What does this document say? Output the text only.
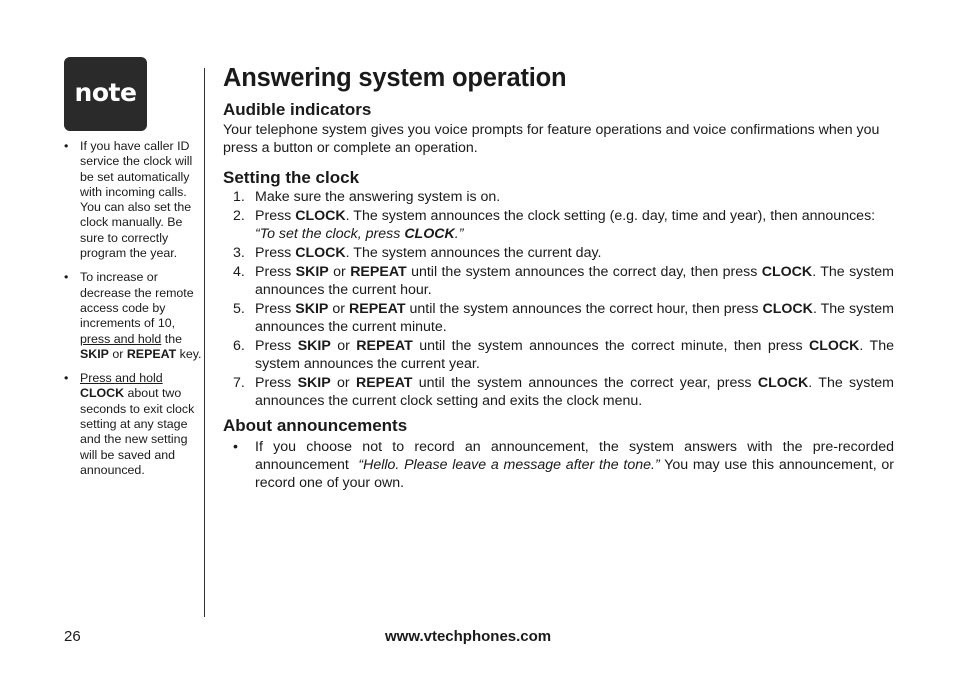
note
• If you have caller ID service the clock will be set automatically with incoming calls. You can also set the clock manually. Be sure to correctly program the year.
• To increase or decrease the remote access code by increments of 10, press and hold the SKIP or REPEAT key.
• Press and hold CLOCK about two seconds to exit clock setting at any stage and the new setting will be saved and announced.
Answering system operation
Audible indicators
Your telephone system gives you voice prompts for feature operations and voice confirmations when you press a button or complete an operation.
Setting the clock
1. Make sure the answering system is on.
2. Press CLOCK. The system announces the clock setting (e.g. day, time and year), then announces:
“To set the clock, press CLOCK.”
3. Press CLOCK. The system announces the current day.
4. Press SKIP or REPEAT until the system announces the correct day, then press CLOCK. The system announces the current hour.
5. Press SKIP or REPEAT until the system announces the correct hour, then press CLOCK. The system announces the current minute.
6. Press SKIP or REPEAT until the system announces the correct minute, then press CLOCK. The system announces the current year.
7. Press SKIP or REPEAT until the system announces the correct year, press CLOCK. The system announces the current clock setting and exits the clock menu.
About announcements
• If you choose not to record an announcement, the system answers with the pre-recorded announcement “Hello. Please leave a message after the tone.” You may use this announcement, or record one of your own.
26	www.vtechphones.com
